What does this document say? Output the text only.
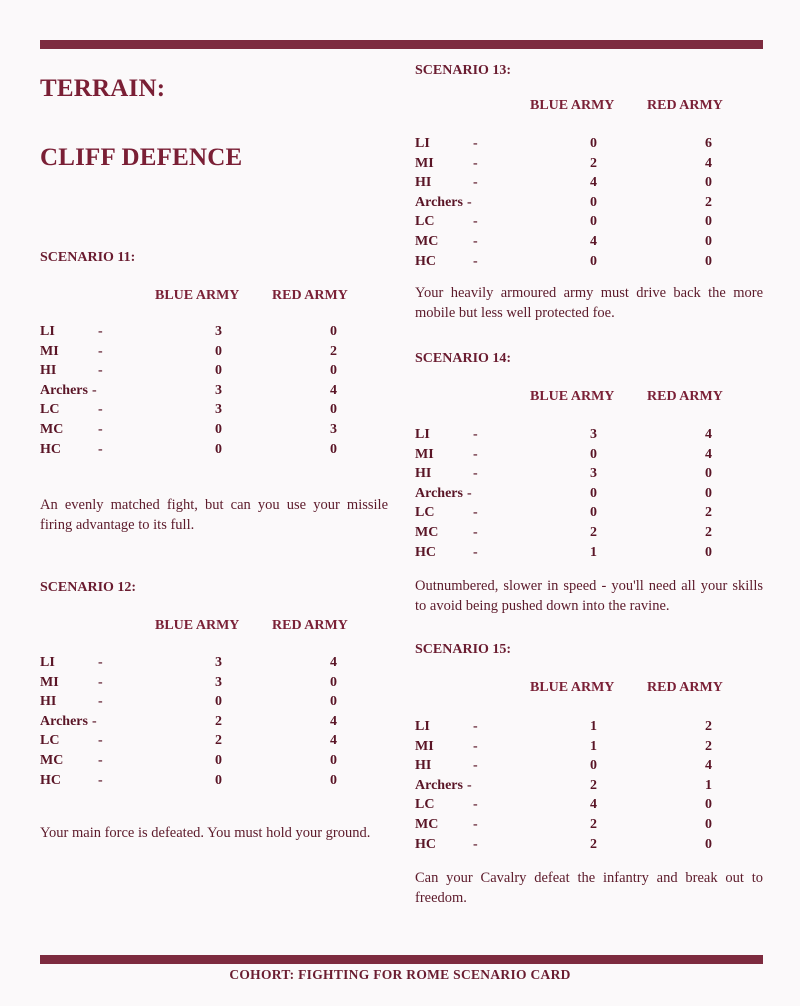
TERRAIN:
CLIFF DEFENCE
SCENARIO 11:
BLUE ARMY RED ARMY
LI	-	3	0
MI	-	0	2
HI	-	0	0
Archers -	3	4
LC	-	3	0
MC -	0	3
HC	-	0	0

An evenly matched fight, but can you use your missile firing advantage to its full.

SCENARIO 12:
BLUE ARMY RED ARMY
LI	-	3	4
MI	-	3	0
HI	-	0	0
Archers -	2	4
LC	-	2	4
MC -	0	0
HC	-	0	0

Your main force is defeated. You must hold your ground.

SCENARIO 13:
BLUE ARMY RED ARMY
LI	-	0	6
MI	-	2	4
HI	-	4	0
Archers -	0	2
LC	-	0	0
MC -	4	0
HC	-	0	0

Your heavily armoured army must drive back the more mobile but less well protected foe.

SCENARIO 14:
BLUE ARMY RED ARMY
LI	-	3	4
MI	-	0	4
HI	-	3	0
Archers -	0	0
LC	-	0	2
MC -	2	2
HC	-	1	0

Outnumbered, slower in speed - you'll need all your skills to avoid being pushed down into the ravine.

SCENARIO 15:
BLUE ARMY RED ARMY
LI	-	1	2
MI	-	1	2
HI	-	0	4
Archers -	2	1
LC	-	4	0
MC -	2	0
HC	-	2	0

Can your Cavalry defeat the infantry and break out to freedom.

COHORT: FIGHTING FOR ROME SCENARIO CARD
